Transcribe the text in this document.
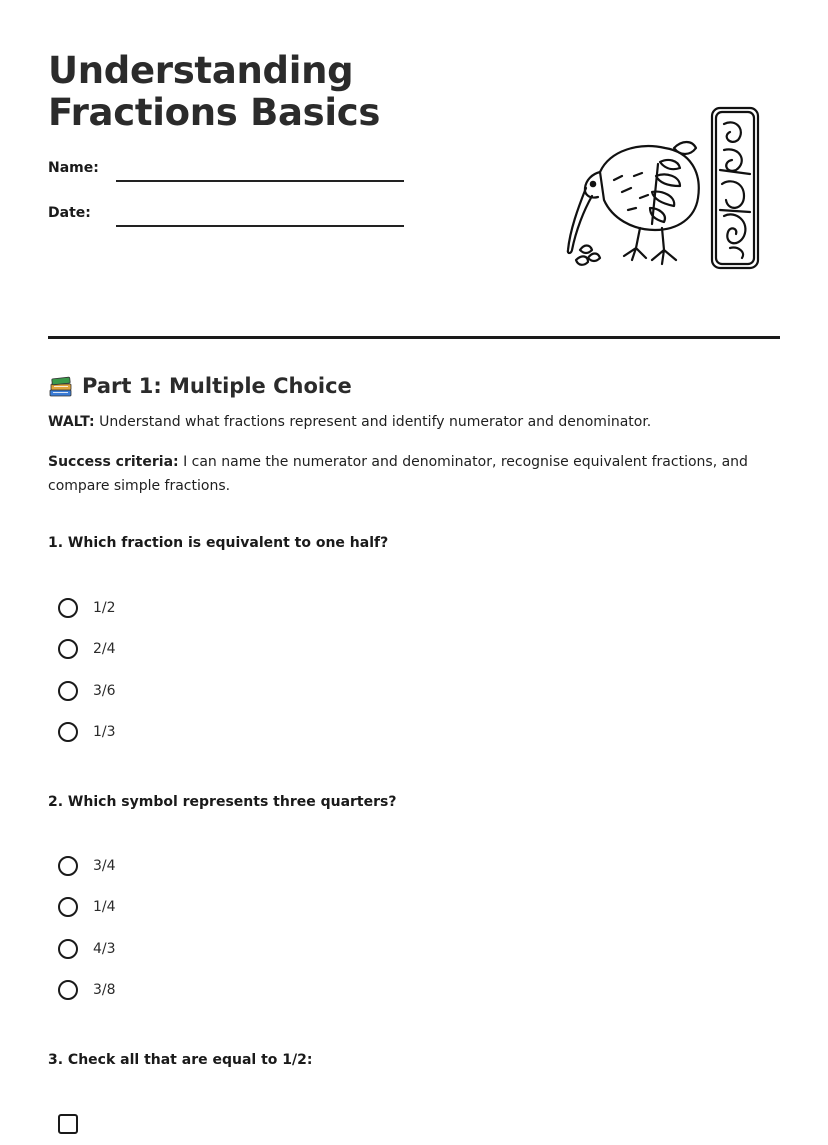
Understanding
Fractions Basics
Name:
Date:
Part 1: Multiple Choice

WALT: Understand what fractions represent and identify numerator and denominator.

Success criteria: I can name the numerator and denominator, recognise equivalent fractions, and compare simple fractions.

1. Which fraction is equivalent to one half?
1/2
2/4
3/6
1/3
2. Which symbol represents three quarters?
3/4
1/4
4/3
3/8
3. Check all that are equal to 1/2:
